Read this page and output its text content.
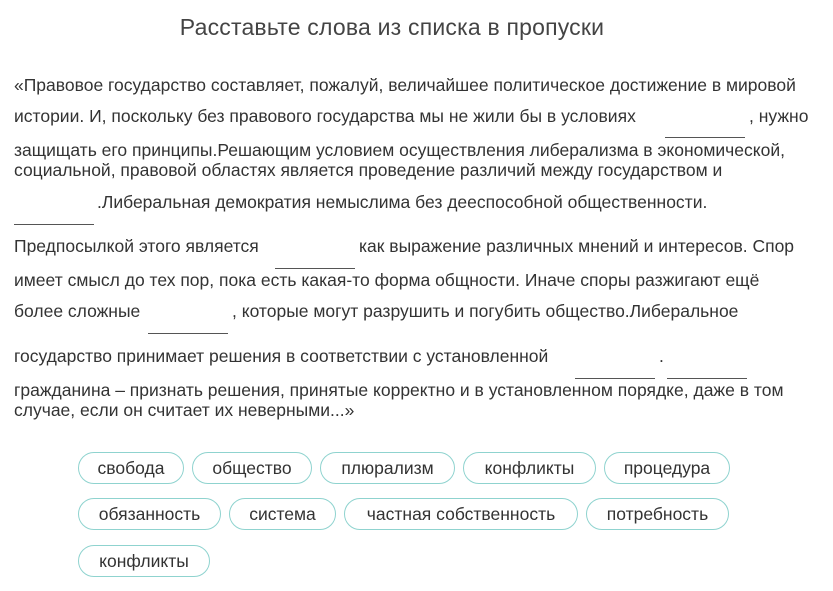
Расставьте слова из списка в пропуски
«Правовое государство составляет, пожалуй, величайшее политическое достижение в мировой
истории. И, поскольку без правового государства мы не жили бы в условиях	, нужно
защищать его принципы.Решающим условием осуществления либерализма в экономической,
социальной, правовой областях является проведение различий между государством и
.Либеральная демократия немыслима без дееспособной общественности.
Предпосылкой этого является	как выражение различных мнений и интересов. Спор
имеет смысл до тех пор, пока есть какая-то форма общности. Иначе споры разжигают ещё
более сложные	, которые могут разрушить и погубить общество.Либеральное
государство принимает решения в соответствии с установленной	.
гражданина – признать решения, принятые корректно и в установленном порядке, даже в том
случае, если он считает их неверными...»
свобода	общество	плюрализм	конфликты	процедура
обязанность	система	частная собственность	потребность
конфликты
